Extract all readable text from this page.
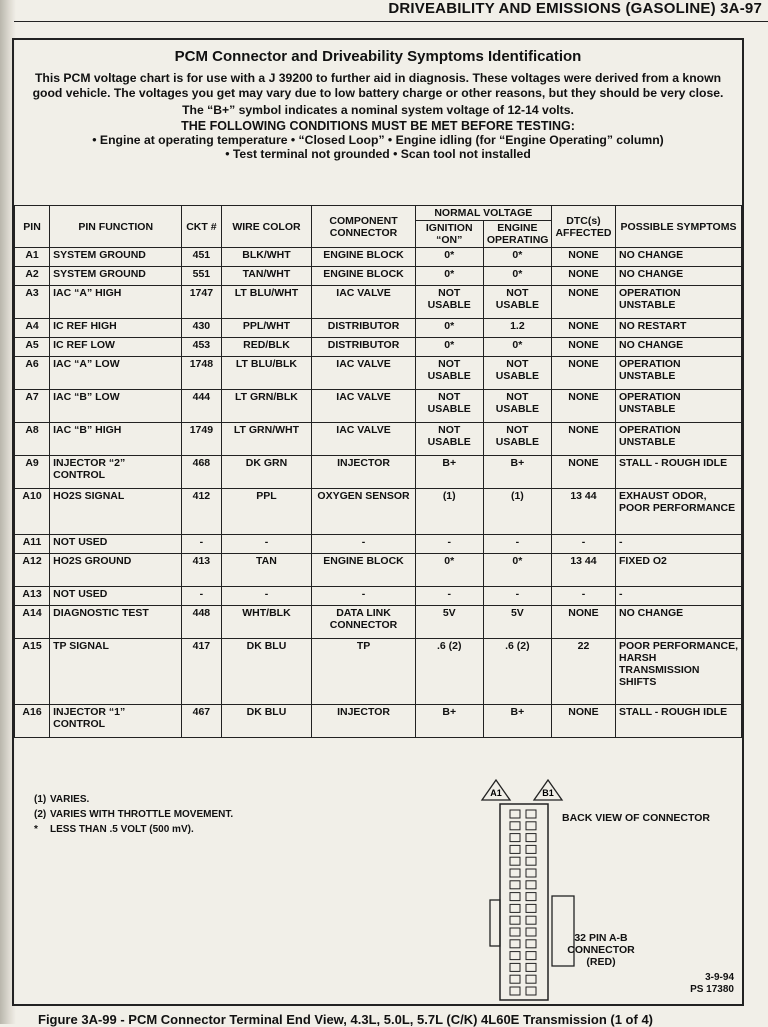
DRIVEABILITY AND EMISSIONS (GASOLINE) 3A-97
PCM Connector and Driveability Symptoms Identification
This PCM voltage chart is for use with a J 39200 to further aid in diagnosis. These voltages were derived from a known good vehicle. The voltages you get may vary due to low battery charge or other reasons, but they should be very close.
The “B+” symbol indicates a nominal system voltage of 12-14 volts.
THE FOLLOWING CONDITIONS MUST BE MET BEFORE TESTING:
• Engine at operating temperature • “Closed Loop” • Engine idling (for “Engine Operating” column)
• Test terminal not grounded • Scan tool not installed
PIN	PIN FUNCTION	CKT #	WIRE COLOR	COMPONENT CONNECTOR	NORMAL VOLTAGE		DTC(s) AFFECTED	POSSIBLE SYMPTOMS
					IGNITION “ON”	ENGINE OPERATING		
A1	SYSTEM GROUND	451	BLK/WHT	ENGINE BLOCK	0*	0*	NONE	NO CHANGE
A2	SYSTEM GROUND	551	TAN/WHT	ENGINE BLOCK	0*	0*	NONE	NO CHANGE
A3	IAC “A” HIGH	1747	LT BLU/WHT	IAC VALVE	NOT USABLE	NOT USABLE	NONE	OPERATION UNSTABLE
A4	IC REF HIGH	430	PPL/WHT	DISTRIBUTOR	0*	1.2	NONE	NO RESTART
A5	IC REF LOW	453	RED/BLK	DISTRIBUTOR	0*	0*	NONE	NO CHANGE
A6	IAC “A” LOW	1748	LT BLU/BLK	IAC VALVE	NOT USABLE	NOT USABLE	NONE	OPERATION UNSTABLE
A7	IAC “B” LOW	444	LT GRN/BLK	IAC VALVE	NOT USABLE	NOT USABLE	NONE	OPERATION UNSTABLE
A8	IAC “B” HIGH	1749	LT GRN/WHT	IAC VALVE	NOT USABLE	NOT USABLE	NONE	OPERATION UNSTABLE
A9	INJECTOR “2” CONTROL	468	DK GRN	INJECTOR	B+	B+	NONE	STALL - ROUGH IDLE
A10	HO2S SIGNAL	412	PPL	OXYGEN SENSOR	(1)	(1)	13 44	EXHAUST ODOR, POOR PERFORMANCE
A11	NOT USED	-	-	-	-	-	-	-
A12	HO2S GROUND	413	TAN	ENGINE BLOCK	0*	0*	13 44	FIXED O2
A13	NOT USED	-	-	-	-	-	-	-
A14	DIAGNOSTIC TEST	448	WHT/BLK	DATA LINK CONNECTOR	5V	5V	NONE	NO CHANGE
A15	TP SIGNAL	417	DK BLU	TP	.6 (2)	.6 (2)	22	POOR PERFORMANCE, HARSH TRANSMISSION SHIFTS
A16	INJECTOR “1” CONTROL	467	DK BLU	INJECTOR	B+	B+	NONE	STALL - ROUGH IDLE
(1) VARIES.
(2) VARIES WITH THROTTLE MOVEMENT.
*	LESS THAN .5 VOLT (500 mV).
A1	B1
BACK VIEW OF CONNECTOR
32 PIN A-B CONNECTOR (RED)
3-9-94
PS 17380
Figure 3A-99 - PCM Connector Terminal End View, 4.3L, 5.0L, 5.7L (C/K) 4L60E Transmission (1 of 4)
